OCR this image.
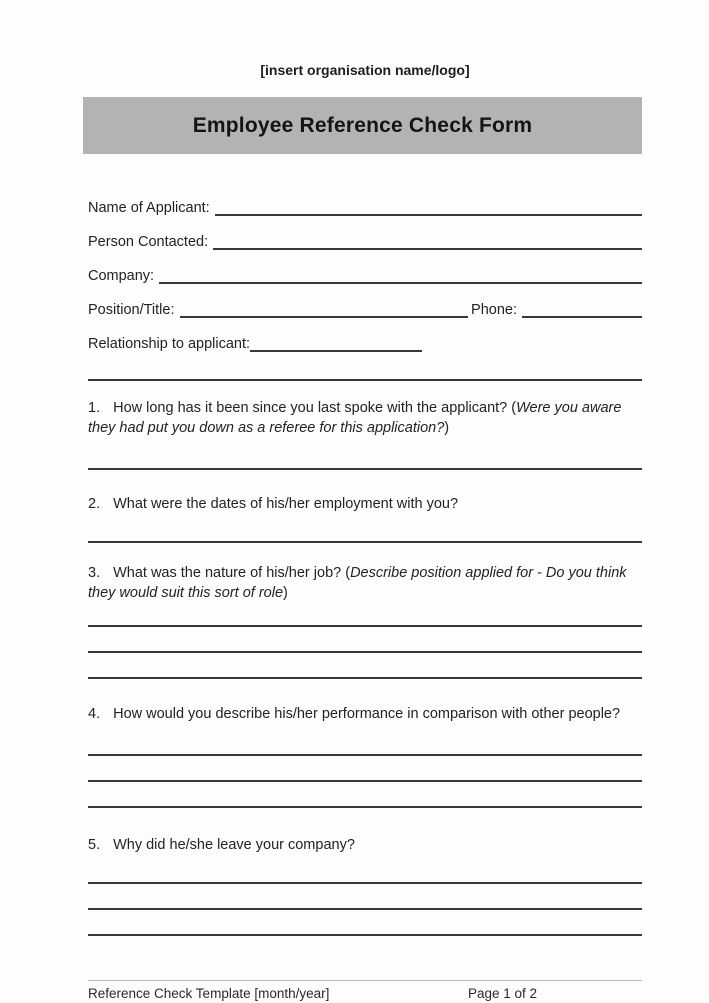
[insert organisation name/logo]
Employee Reference Check Form
Name of Applicant:
Person Contacted:
Company:
Position/Title:	Phone:
Relationship to applicant:
1. How long has it been since you last spoke with the applicant? (Were you aware they had put you down as a referee for this application?)
2. What were the dates of his/her employment with you?
3. What was the nature of his/her job? (Describe position applied for - Do you think they would suit this sort of role)
4. How would you describe his/her performance in comparison with other people?
5. Why did he/she leave your company?
Reference Check Template [month/year]	Page 1 of 2
